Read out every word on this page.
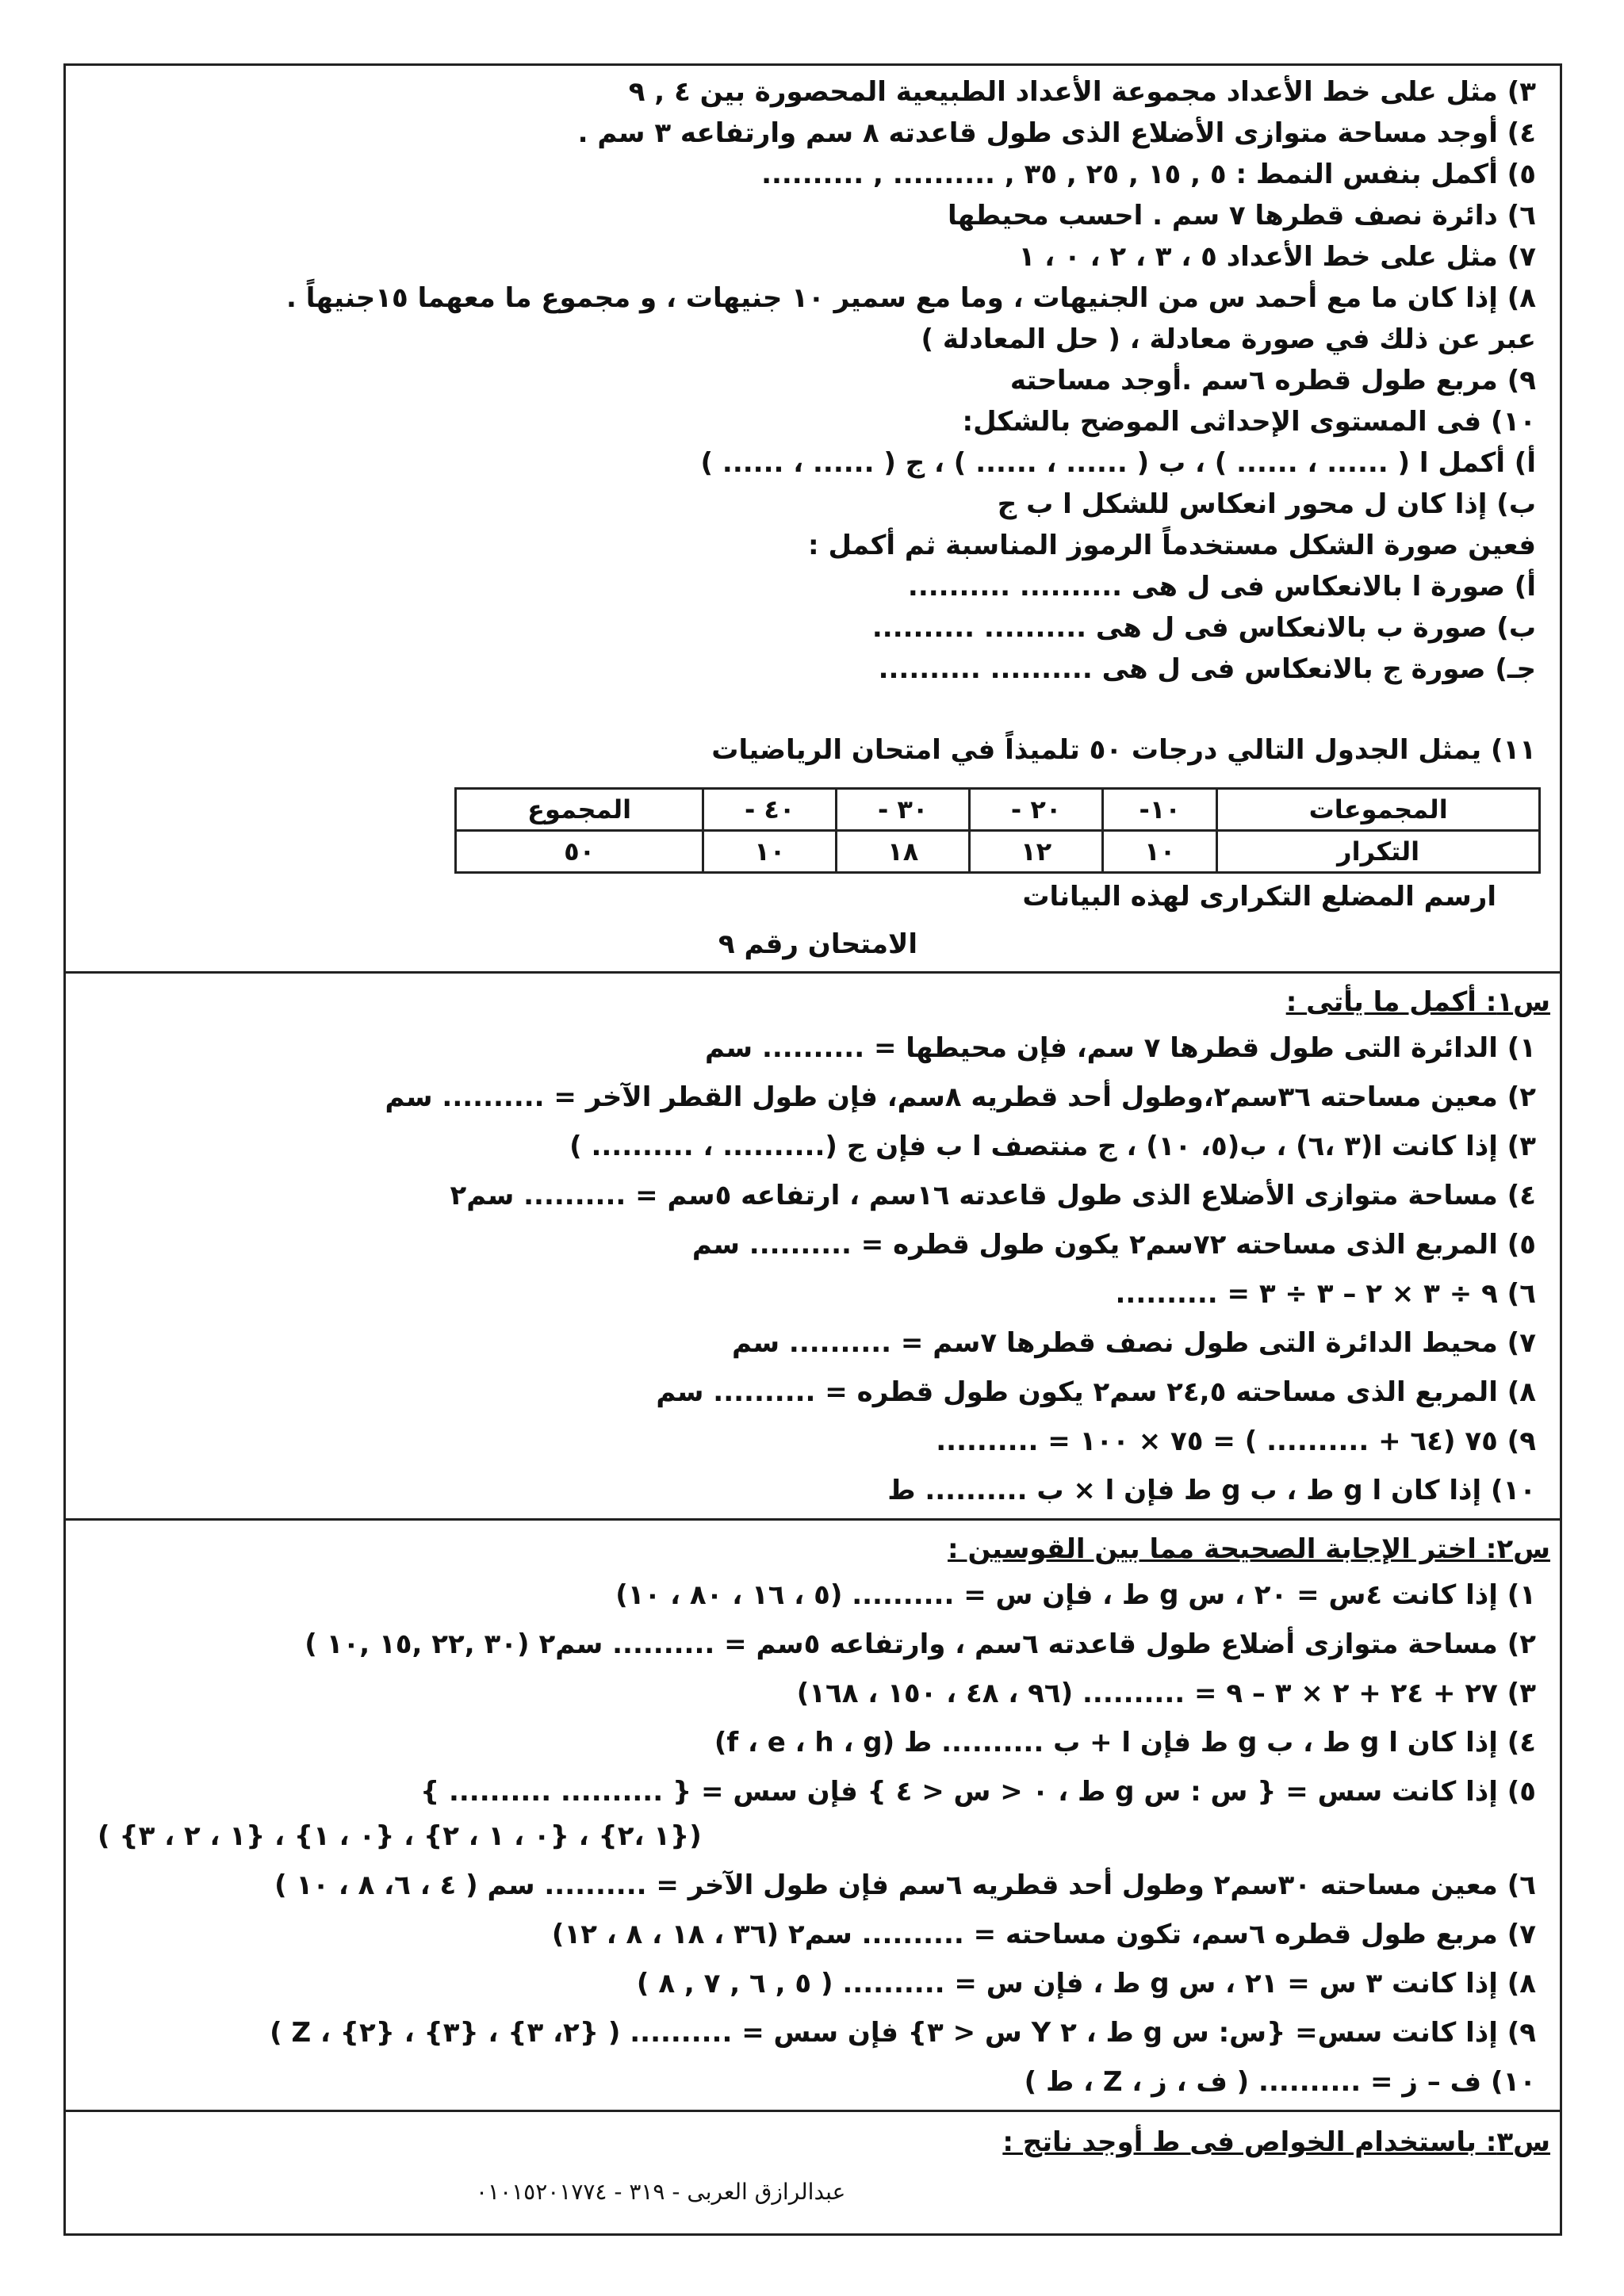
٣) مثل على خط الأعداد مجموعة الأعداد الطبيعية المحصورة بين ٤ , ٩
٤) أوجد مساحة متوازى الأضلاع الذى طول قاعدته ٨ سم وارتفاعه ٣ سم .
٥) أكمل بنفس النمط : ٥ , ١٥ , ٢٥ , ٣٥ , .......... , ..........
٦) دائرة نصف قطرها ٧ سم . احسب محيطها
٧) مثل على خط الأعداد ٥ ، ٣ ، ٢ ، ٠ ، ١
٨) إذا كان ما مع أحمد س من الجنيهات ، وما مع سمير ١٠ جنيهات ، و مجموع ما معهما ١٥جنيهاً .
عبر عن ذلك في صورة معادلة ، ( حل المعادلة )
٩) مربع طول قطره ٦سم .أوجد مساحته
١٠) فى المستوى الإحداثى الموضح بالشكل:
أ) أكمل ا ( ...... ، ...... ) ، ب ( ...... ، ...... ) ، ج ( ...... ، ...... )
ب) إذا كان ل محور انعكاس للشكل ا ب ج
فعين صورة الشكل مستخدماً الرموز المناسبة ثم أكمل :
أ) صورة ا بالانعكاس فى ل هى .......... ..........
ب) صورة ب بالانعكاس فى ل هى .......... ..........
جـ) صورة ج بالانعكاس فى ل هى .......... ..........
١١) يمثل الجدول التالي درجات ٥٠ تلميذاً في امتحان الرياضيات
المجموعات	١٠-	٢٠ -	٣٠ -	٤٠ -	المجموع
التكرار	١٠	١٢	١٨	١٠	٥٠
ارسم المضلع التكرارى لهذه البيانات
الامتحان رقم ٩
س١: أكمل ما يأتى :
١) الدائرة التى طول قطرها ٧ سم، فإن محيطها = .......... سم
٢) معين مساحته ٣٦سم٢،وطول أحد قطريه ٨سم، فإن طول القطر الآخر = .......... سم
٣) إذا كانت ا(٣ ،٦) ، ب(٥، ١٠) ، ج منتصف ا ب فإن ج (.......... ، .......... )
٤) مساحة متوازى الأضلاع الذى طول قاعدته ١٦سم ، ارتفاعه ٥سم = .......... سم٢
٥) المربع الذى مساحته ٧٢سم٢ يكون طول قطره = .......... سم
٦) ٩ ÷ ٣ × ٢ – ٣ ÷ ٣ = ..........
٧) محيط الدائرة التى طول نصف قطرها ٧سم = .......... سم
٨) المربع الذى مساحته ٢٤,٥ سم٢ يكون طول قطره = .......... سم
٩) ٧٥ (٦٤ + .......... ) = ٧٥ × ١٠٠ = ..........
١٠) إذا كان ا g ط ، ب g ط فإن ا × ب .......... ط
س٢: اختر الإجابة الصحيحة مما بين القوسين :
١) إذا كانت ٤س = ٢٠ ، س g ط ، فإن س = .......... (٥ ، ١٦ ، ٨٠ ، ١٠)
٢) مساحة متوازى أضلاع طول قاعدته ٦سم ، وارتفاعه ٥سم = .......... سم٢ (٣٠ ,٢٢ ,١٥ ,١٠ )
٣) ٢٧ + ٢٤ + ٢ × ٣ – ٩ = .......... (٩٦ ، ٤٨ ، ١٥٠ ، ١٦٨)
٤) إذا كان ا g ط ، ب g ط فإن ا + ب .......... ط (f ، e ، h ، g)
٥) إذا كانت سس = { س : س g ط ، ٠ < س < ٤ } فإن سس = { .......... .......... }
({١ ،٢} ، {٠ ، ١ ، ٢} ، {٠ ، ١} ، {١ ، ٢ ، ٣} )
٦) معين مساحته ٣٠سم٢ وطول أحد قطريه ٦سم فإن طول الآخر = .......... سم ( ٤ ، ٦، ٨ ، ١٠ )
٧) مربع طول قطره ٦سم، تكون مساحته = .......... سم٢ (٣٦ ، ١٨ ، ٨ ، ١٢)
٨) إذا كانت ٣ س = ٢١ ، س g ط ، فإن س = .......... ( ٥ , ٦ , ٧ , ٨ )
٩) إذا كانت سس= {س: س g ط ، ٢ Y س < ٣} فإن سس = .......... ( {٢، ٣} ، {٣} ، {٢} ، Z )
١٠) ف – ز = .......... ( ف ، ز ، Z ، ط )
س٣: باستخدام الخواص فى ط أوجد ناتج :
عبدالرازق العربى - ٣١٩ - ٠١٠١٥٢٠١٧٧٤
